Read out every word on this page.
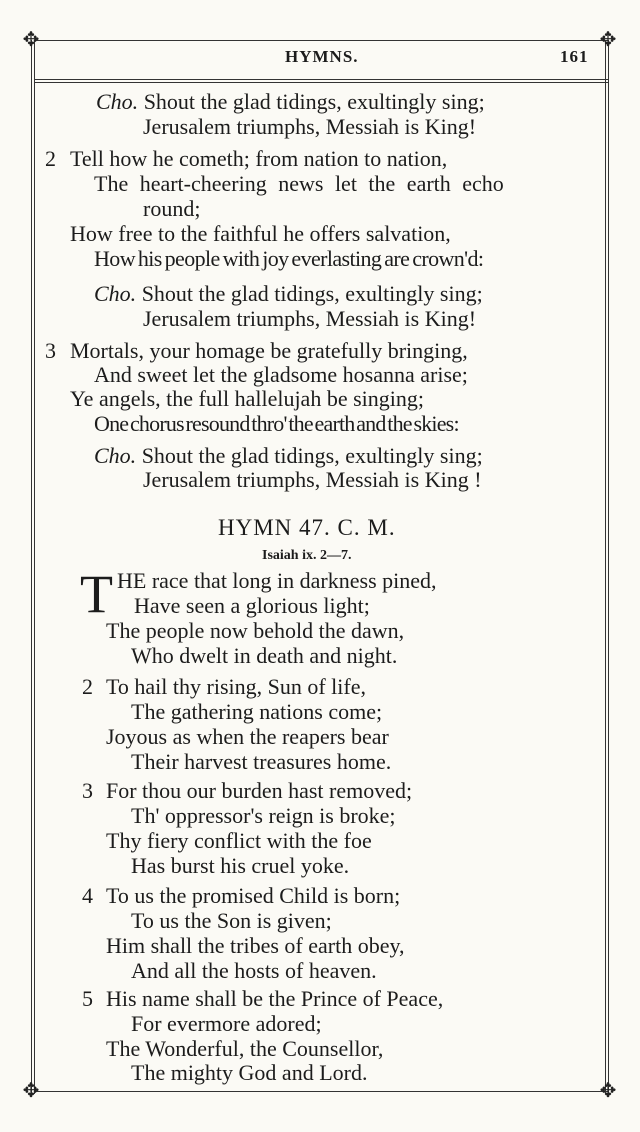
✥	✥
✥	✥
HYMNS.	161
Cho. Shout the glad tidings, exultingly sing;
Jerusalem triumphs, Messiah is King!
2 Tell how he cometh; from nation to nation,
The heart-cheering news let the earth echo
round;
How free to the faithful he offers salvation,
How his people with joy everlasting are crown'd:
Cho. Shout the glad tidings, exultingly sing;
Jerusalem triumphs, Messiah is King!
3 Mortals, your homage be gratefully bringing,
And sweet let the gladsome hosanna arise;
Ye angels, the full hallelujah be singing;
One chorus resound thro' the earth and the skies:
Cho. Shout the glad tidings, exultingly sing;
Jerusalem triumphs, Messiah is King !
HYMN 47. C. M.
Isaiah ix. 2—7.
T HE race that long in darkness pined,
Have seen a glorious light;
The people now behold the dawn,
Who dwelt in death and night.
2 To hail thy rising, Sun of life,
The gathering nations come;
Joyous as when the reapers bear
Their harvest treasures home.
3 For thou our burden hast removed;
Th' oppressor's reign is broke;
Thy fiery conflict with the foe
Has burst his cruel yoke.
4 To us the promised Child is born;
To us the Son is given;
Him shall the tribes of earth obey,
And all the hosts of heaven.
5 His name shall be the Prince of Peace,
For evermore adored;
The Wonderful, the Counsellor,
The mighty God and Lord.
